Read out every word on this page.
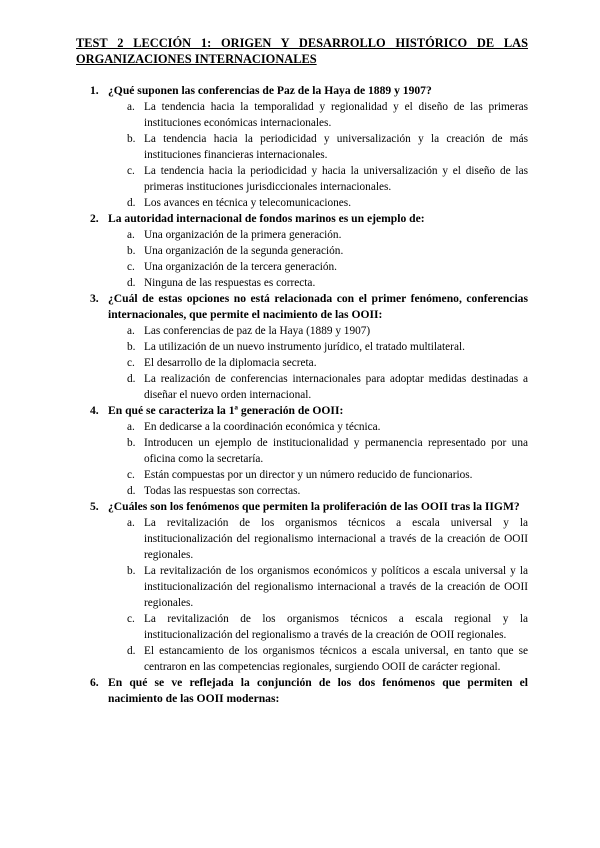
TEST 2 LECCIÓN 1: ORIGEN Y DESARROLLO HISTÓRICO DE LAS ORGANIZACIONES INTERNACIONALES
1. ¿Qué suponen las conferencias de Paz de la Haya de 1889 y 1907?
a. La tendencia hacia la temporalidad y regionalidad y el diseño de las primeras instituciones económicas internacionales.
b. La tendencia hacia la periodicidad y universalización y la creación de más instituciones financieras internacionales.
c. La tendencia hacia la periodicidad y hacia la universalización y el diseño de las primeras instituciones jurisdiccionales internacionales.
d. Los avances en técnica y telecomunicaciones.
2. La autoridad internacional de fondos marinos es un ejemplo de:
a. Una organización de la primera generación.
b. Una organización de la segunda generación.
c. Una organización de la tercera generación.
d. Ninguna de las respuestas es correcta.
3. ¿Cuál de estas opciones no está relacionada con el primer fenómeno, conferencias internacionales, que permite el nacimiento de las OOII:
a. Las conferencias de paz de la Haya (1889 y 1907)
b. La utilización de un nuevo instrumento jurídico, el tratado multilateral.
c. El desarrollo de la diplomacia secreta.
d. La realización de conferencias internacionales para adoptar medidas destinadas a diseñar el nuevo orden internacional.
4. En qué se caracteriza la 1ª generación de OOII:
a. En dedicarse a la coordinación económica y técnica.
b. Introducen un ejemplo de institucionalidad y permanencia representado por una oficina como la secretaría.
c. Están compuestas por un director y un número reducido de funcionarios.
d. Todas las respuestas son correctas.
5. ¿Cuáles son los fenómenos que permiten la proliferación de las OOII tras la IIGM?
a. La revitalización de los organismos técnicos a escala universal y la institucionalización del regionalismo internacional a través de la creación de OOII regionales.
b. La revitalización de los organismos económicos y políticos a escala universal y la institucionalización del regionalismo internacional a través de la creación de OOII regionales.
c. La revitalización de los organismos técnicos a escala regional y la institucionalización del regionalismo a través de la creación de OOII regionales.
d. El estancamiento de los organismos técnicos a escala universal, en tanto que se centraron en las competencias regionales, surgiendo OOII de carácter regional.
6. En qué se ve reflejada la conjunción de los dos fenómenos que permiten el nacimiento de las OOII modernas:
